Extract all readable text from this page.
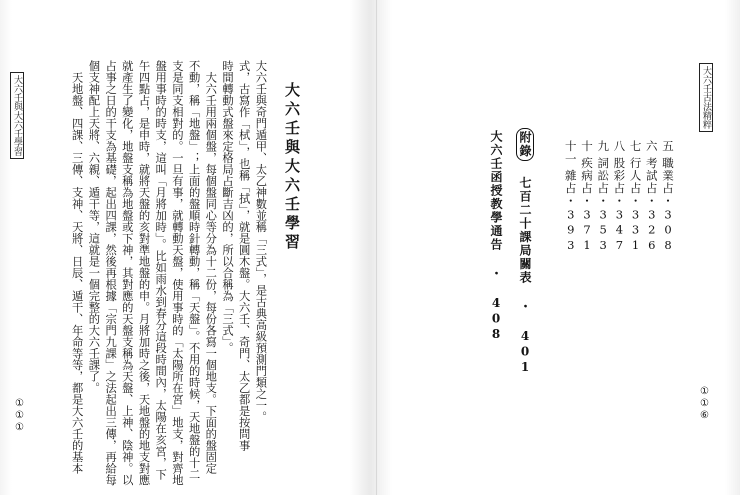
大六壬與大六壬學習
①①①
大六壬與大六壬學習
大六壬與奇門遁甲、太乙神數並稱「三式」，是古典高級預測門類之一。
式，古寫作「栻」，也稱「拭」，就是圓木盤。大六壬、奇門、太乙都是按問事
時間轉動式盤來定格局占斷吉凶的，所以合稱為「三式」。
　大六壬用兩個盤，每個盤同心等分為十二份，每份各寫一個地支。下面的盤固定
不動，稱「地盤」；上面的盤順時針轉動，稱「天盤」。不用的時候，天地盤的十二
支是同支相對的。一旦有事，就轉動天盤，使用事時的「太陽所在宮」地支，對齊地
盤用事時的時支，這叫「月將加時」。比如雨水到春分這段時間內，太陽在亥宮，下
午四點占，是申時，就將天盤的亥對準地盤的申。月將加時之後，天地盤的地支對應
就產生了變化，地盤支稱為地盤或下神，其對應的天盤支稱為天盤、上神、陰神。以
占事之日的干支為基礎，起出四課，然後再根據「宗門九課」之法起出三傳，再給每
個支神配上天將、六親、遁干等，這就是一個完整的大六壬課了。
　天地盤、四課、三傳、支神、天將、日辰、遁干、年命等等，都是大六壬的基本	大六壬古法精粹
①①⑥
五職業占・308
六考試占・326
七行人占・331
八股彩占・347
九詞訟占・353
十疾病占・371
十一雜占・393
附錄 七百二十課局關表 ・ 401
大六壬函授教學通告 ・ 408
